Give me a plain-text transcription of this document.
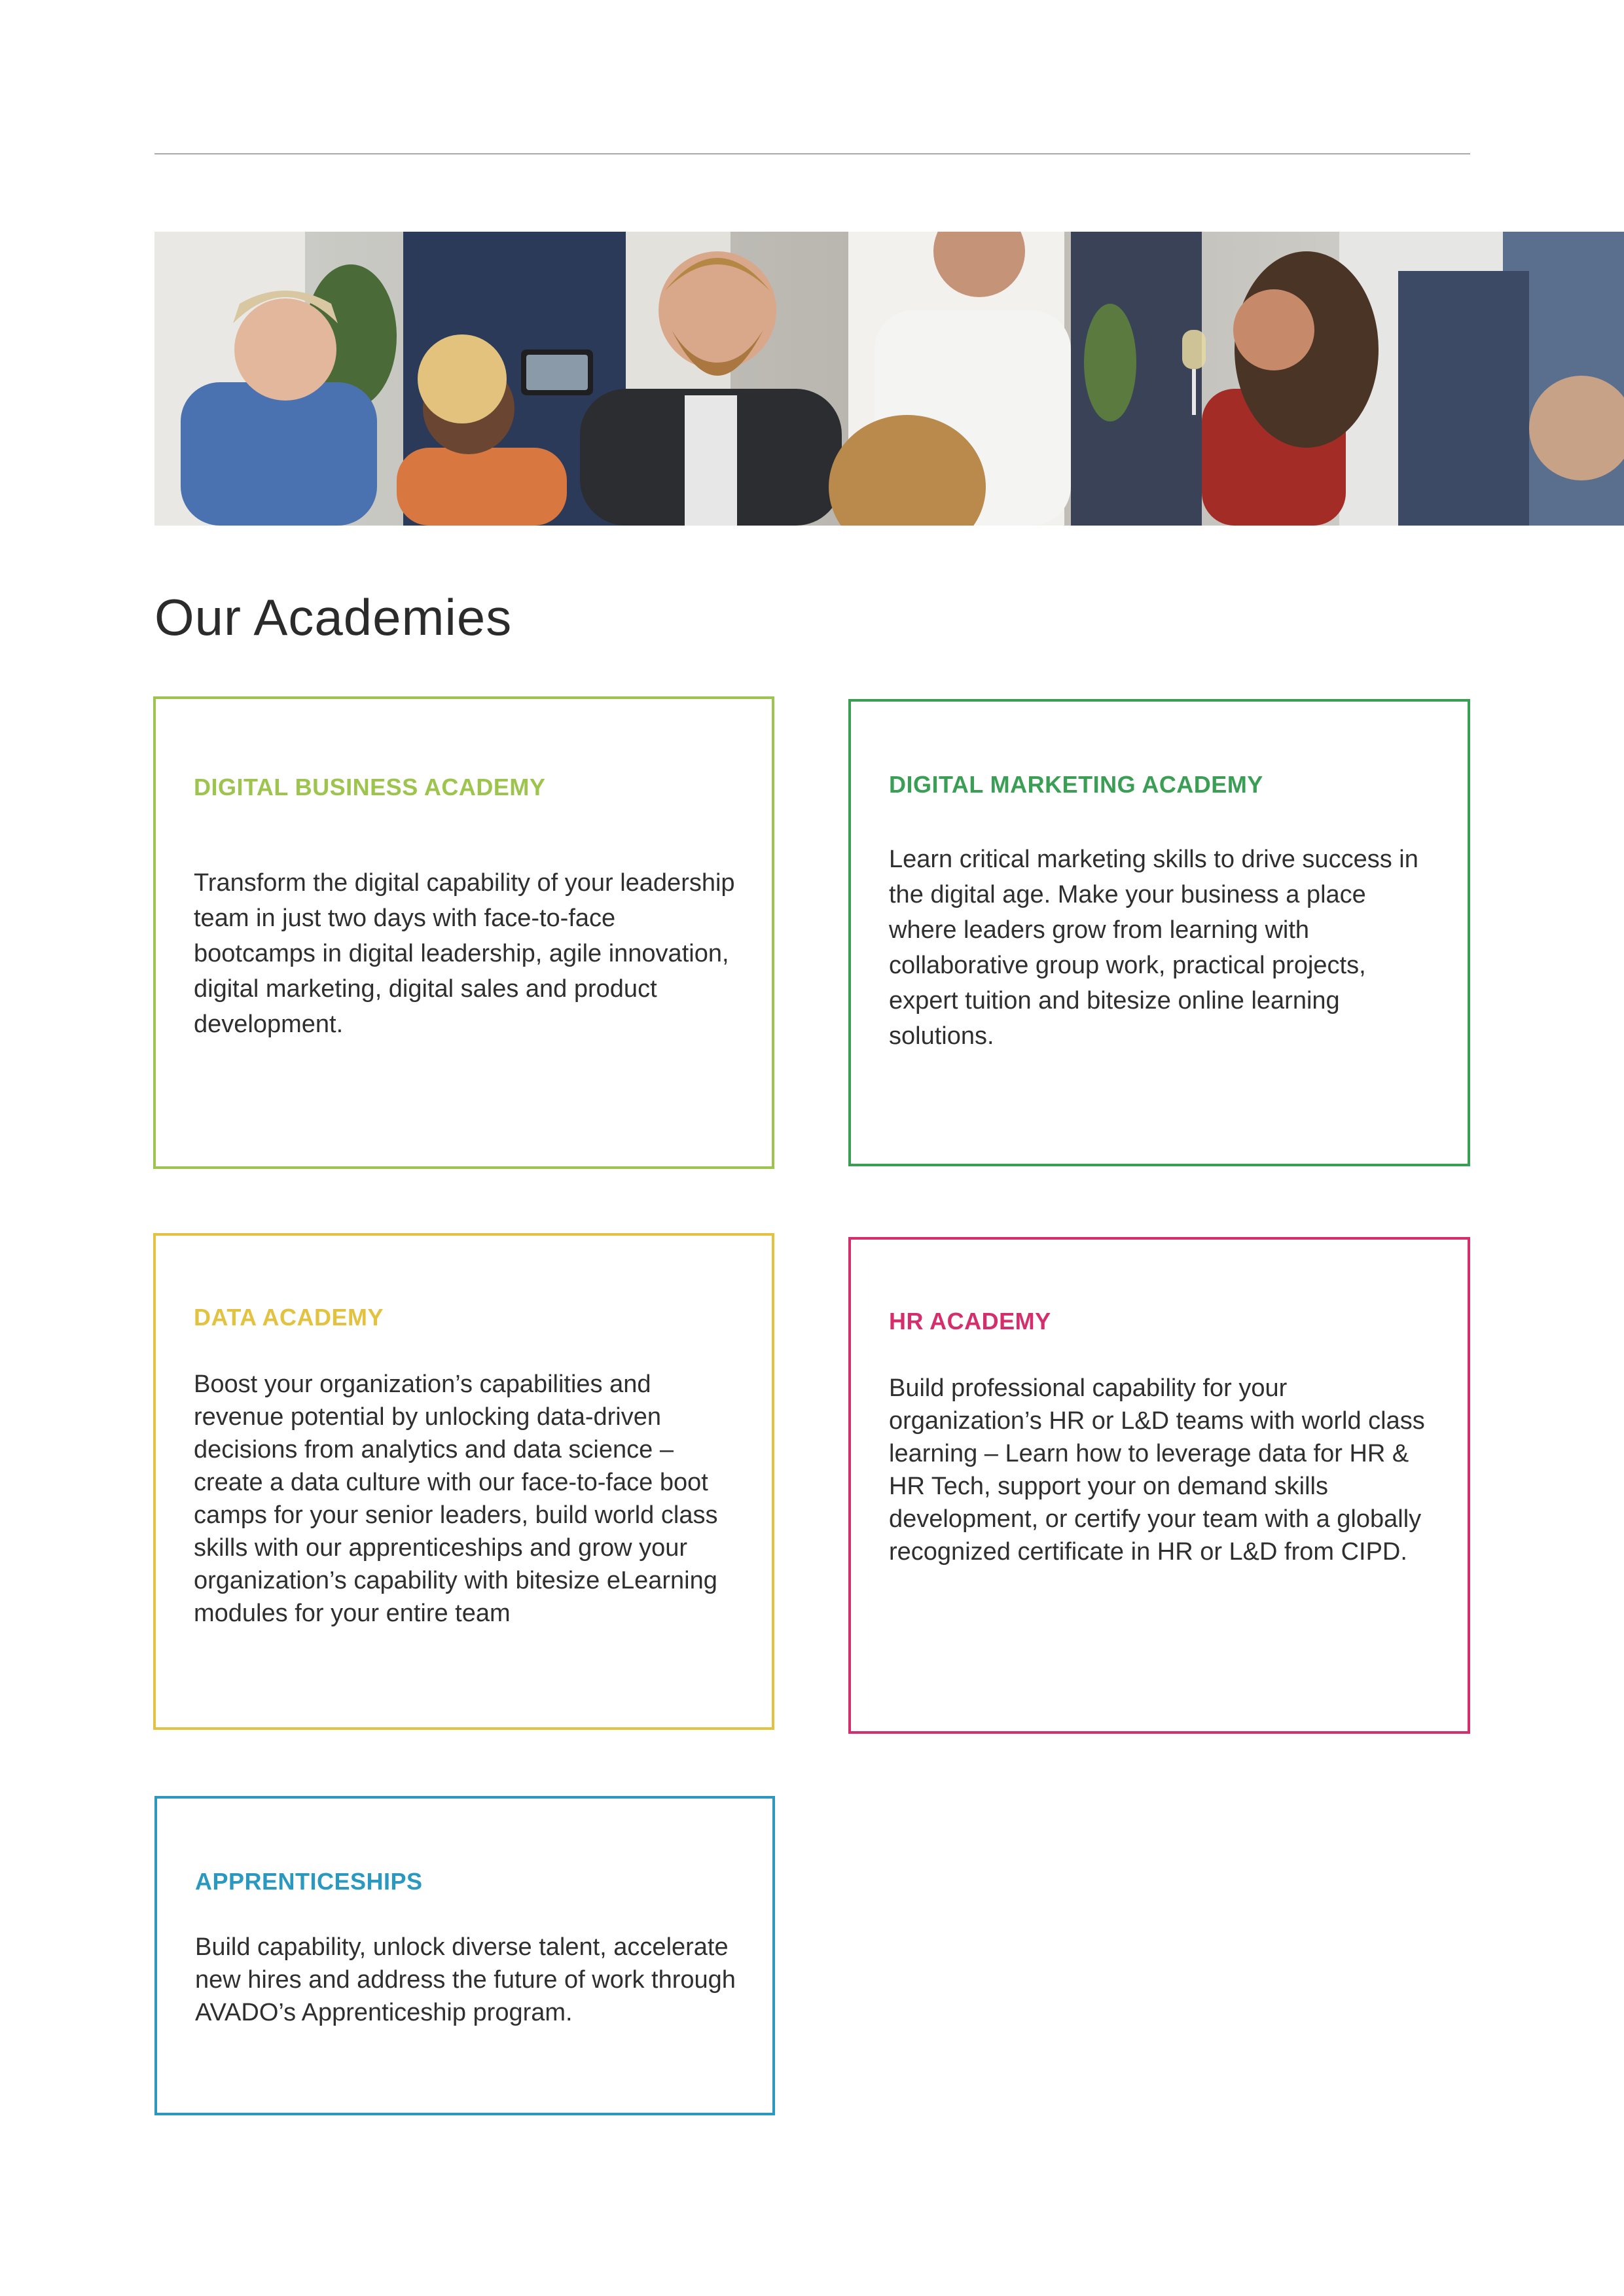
Our Academies

DIGITAL BUSINESS ACADEMY

Transform the digital capability of your leadership team in just two days with face-to-face bootcamps in digital leadership, agile innovation, digital marketing, digital sales and product development.

DIGITAL MARKETING ACADEMY

Learn critical marketing skills to drive success in the digital age. Make your business a place where leaders grow from learning with collaborative group work, practical projects, expert tuition and bitesize online learning solutions.

DATA ACADEMY

Boost your organization’s capabilities and revenue potential by unlocking data-driven decisions from analytics and data science – create a data culture with our face-to-face boot camps for your senior leaders, build world class skills with our apprenticeships and grow your organization’s capability with bitesize eLearning modules for your entire team

HR ACADEMY

Build professional capability for your organization’s HR or L&D teams with world class learning – Learn how to leverage data for HR & HR Tech, support your on demand skills development, or certify your team with a globally recognized certificate in HR or L&D from CIPD.

APPRENTICESHIPS

Build capability, unlock diverse talent, accelerate new hires and address the future of work through AVADO’s Apprenticeship program.
